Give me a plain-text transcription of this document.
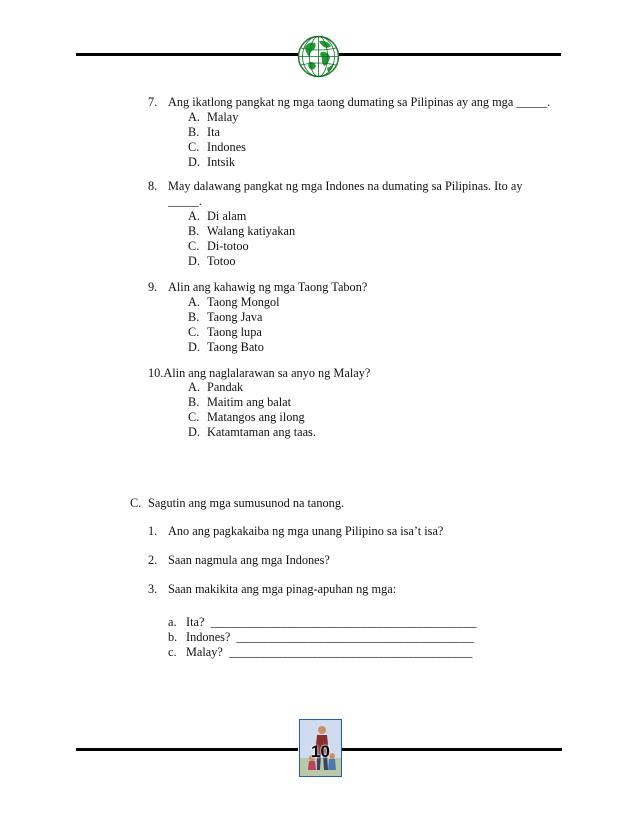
7. Ang ikatlong pangkat ng mga taong dumating sa Pilipinas ay ang mga _____.
A. Malay
B. Ita
C. Indones
D. Intsik
8. May dalawang pangkat ng mga Indones na dumating sa Pilipinas. Ito ay
_____.
A. Di alam
B. Walang katiyakan
C. Di-totoo
D. Totoo
9. Alin ang kahawig ng mga Taong Tabon?
A. Taong Mongol
B. Taong Java
C. Taong lupa
D. Taong Bato
10.Alin ang naglalarawan sa anyo ng Malay?
A. Pandak
B. Maitim ang balat
C. Matangos ang ilong
D. Katamtaman ang taas.
C. Sagutin ang mga sumusunod na tanong.
1. Ano ang pagkakaiba ng mga unang Pilipino sa isa’t isa?
2. Saan nagmula ang mga Indones?
3. Saan makikita ang mga pinag-apuhan ng mga:
a. Ita? _______________________________________________
b. Indones? __________________________________________
c. Malay? ___________________________________________
10
